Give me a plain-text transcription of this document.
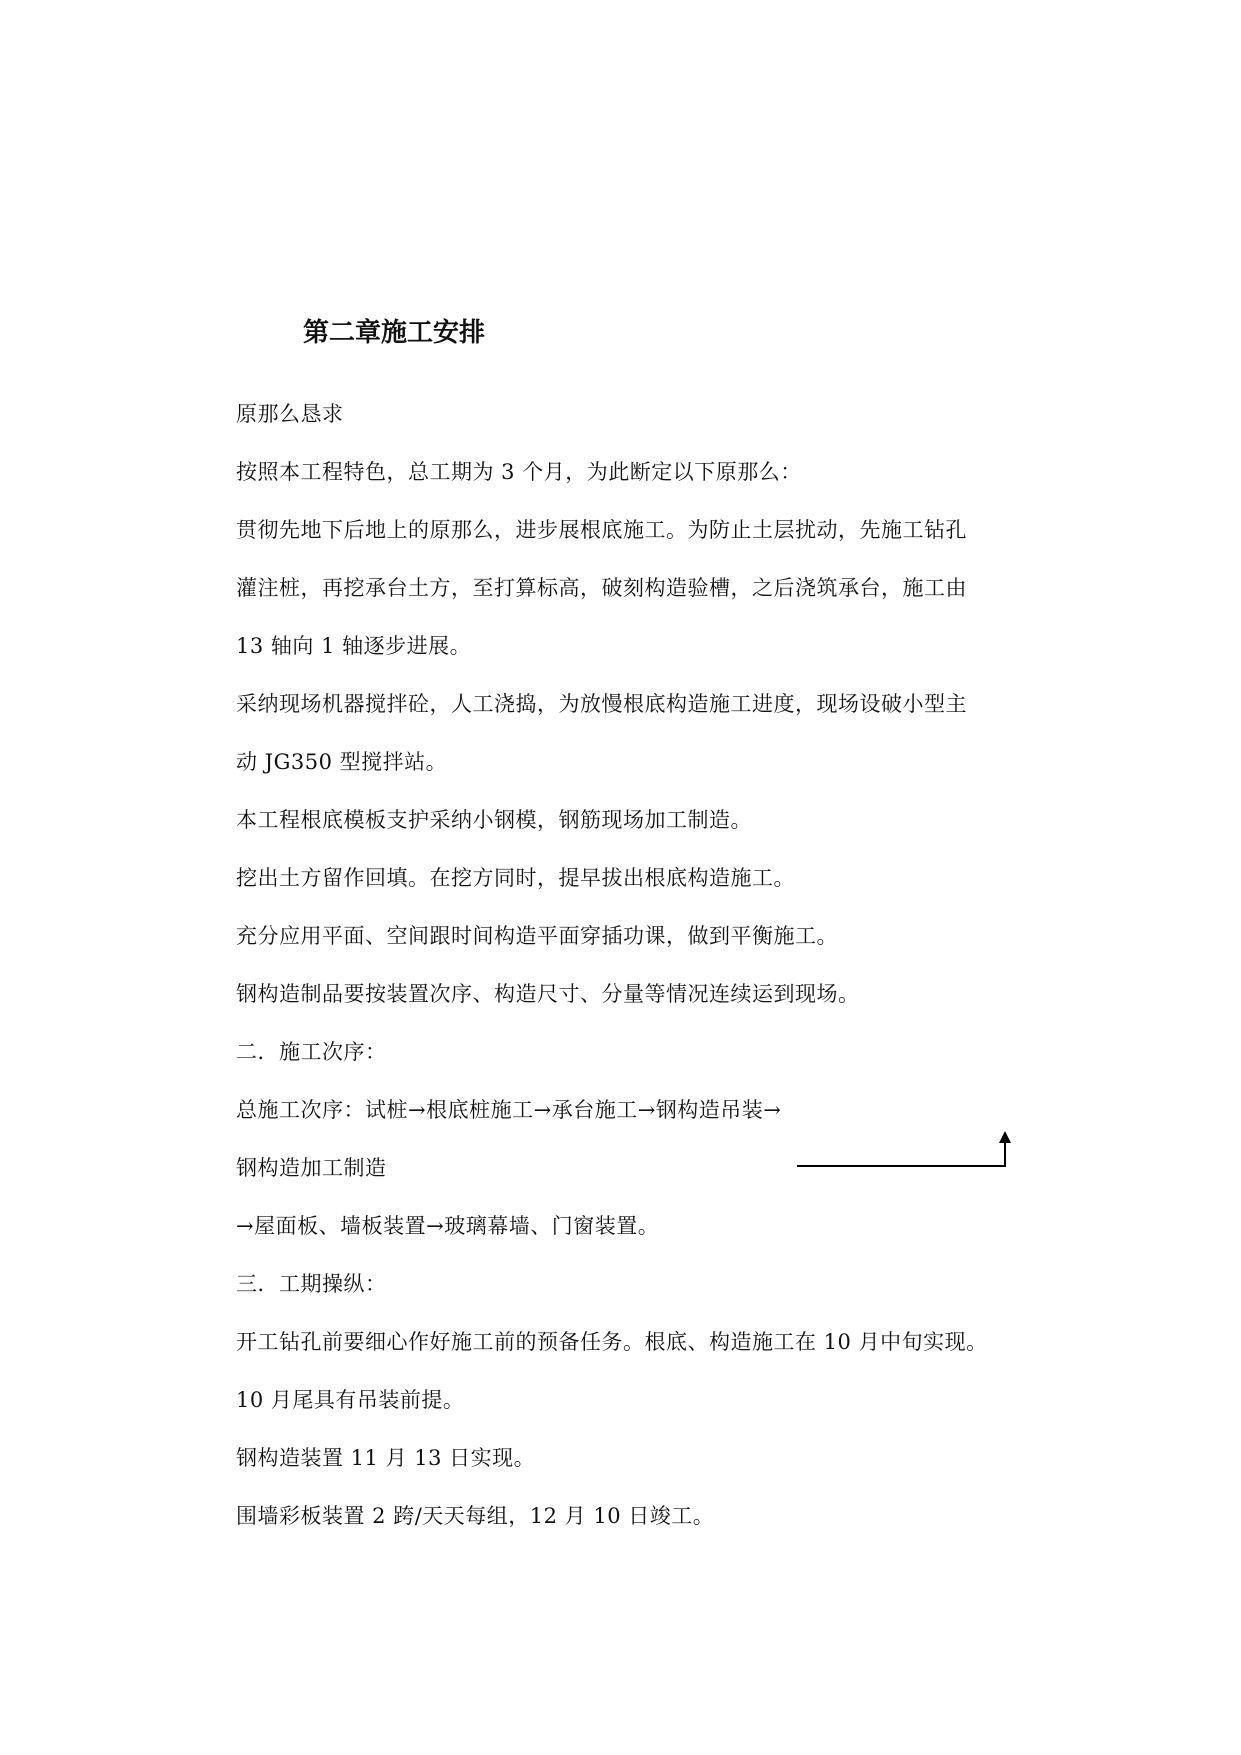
第二章施工安排
原那么恳求
按照本工程特色，总工期为 3 个月，为此断定以下原那么：
贯彻先地下后地上的原那么，进步展根底施工。为防止土层扰动，先施工钻孔
灌注桩，再挖承台土方，至打算标高，破刻构造验槽，之后浇筑承台，施工由
13 轴向 1 轴逐步进展。
采纳现场机器搅拌砼，人工浇捣，为放慢根底构造施工进度，现场设破小型主
动 JG350 型搅拌站。
本工程根底模板支护采纳小钢模，钢筋现场加工制造。
挖出土方留作回填。在挖方同时，提早拔出根底构造施工。
充分应用平面、空间跟时间构造平面穿插功课，做到平衡施工。
钢构造制品要按装置次序、构造尺寸、分量等情况连续运到现场。
二．施工次序：
总施工次序：试桩→根底桩施工→承台施工→钢构造吊装→
钢构造加工制造
→屋面板、墙板装置→玻璃幕墙、门窗装置。
三．工期操纵：
开工钻孔前要细心作好施工前的预备任务。根底、构造施工在 10 月中旬实现。
10 月尾具有吊装前提。
钢构造装置 11 月 13 日实现。
围墙彩板装置 2 跨/天天每组，12 月 10 日竣工。
